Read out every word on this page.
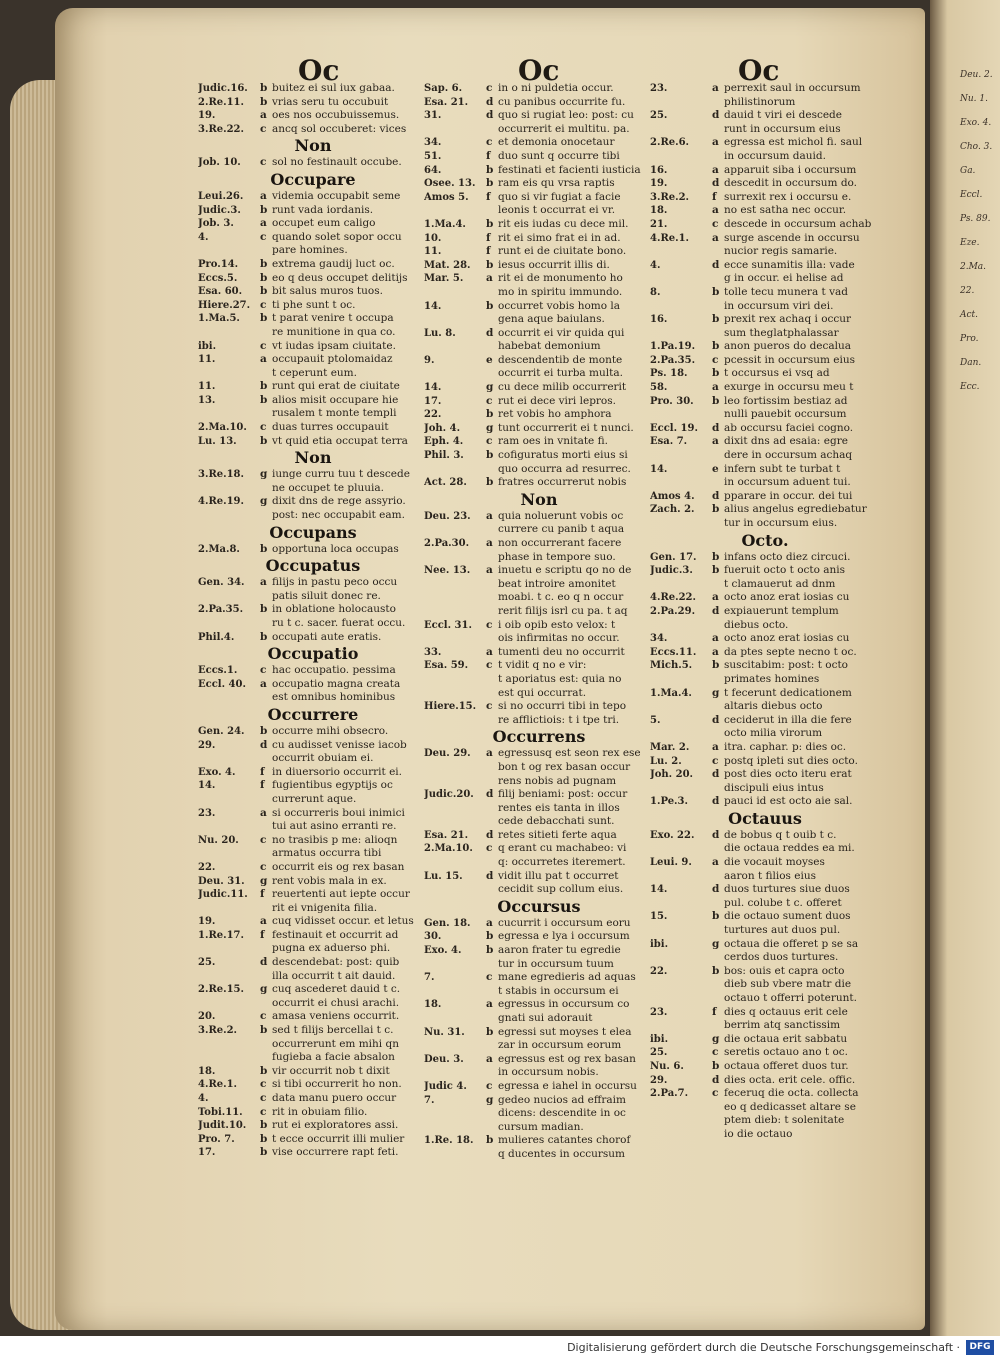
Oc	Oc	Oc
Judic.16.	b buitez ei sul iux gabaa.
2.Re.11.	b vrias seru tu occubuit
19.	a oes nos occubuissemus.
3.Re.22.	c ancq sol occuberet: vices
Non
Job. 10.	c sol no festinault occube.
Occupare
Leui.26.	a videmia occupabit seme
Judic.3.	b runt vada iordanis.
Job. 3.	a occupet eum caligo
4.	c quando solet sopor occu
pare homines.
Pro.14.	b extrema gaudij luct oc.
Eccs.5.	b eo q deus occupet delitijs
Esa. 60.	b bit salus muros tuos.
Hiere.27. c ti phe sunt t oc.
1.Ma.5.	b t parat venire t occupa
re munitione in qua co.
ibi.	c vt iudas ipsam ciuitate.
11.	a occupauit ptolomaidaz
t ceperunt eum.
11.	b runt qui erat de ciuitate
13.	b alios misit occupare hie
rusalem t monte templi
2.Ma.10.	c duas turres occupauit
Lu. 13.	b vt quid etia occupat terra
Non
3.Re.18.	g iunge curru tuu t descede
ne occupet te pluuia.
4.Re.19.	g dixit dns de rege assyrio.
post: nec occupabit eam.
Occupans
2.Ma.8.	b opportuna loca occupas
Occupatus
Gen. 34.	a filijs in pastu peco occu
patis siluit donec re.
2.Pa.35.	b in oblatione holocausto
ru t c. sacer. fuerat occu.
Phil.4.	b occupati aute eratis.
Occupatio
Eccs.1.	c hac occupatio. pessima
Eccl. 40.	a occupatio magna creata
est omnibus hominibus
Occurrere
Gen. 24.	b occurre mihi obsecro.
29.	d cu audisset venisse iacob
occurrit obuiam ei.
Exo. 4.	f in diuersorio occurrit ei.
14.	f fugientibus egyptijs oc
currerunt aque.
23.	a si occurreris boui inimici
tui aut asino erranti re.
Nu. 20.	c no trasibis p me: alioqn
armatus occurra tibi
22.	c occurrit eis og rex basan
Deu. 31.	g rent vobis mala in ex.
Judic.11.	f reuertenti aut iepte occur
rit ei vnigenita filia.
19.	a cuq vidisset occur. et letus
1.Re.17.	f festinauit et occurrit ad
pugna ex aduerso phi.
25.	d descendebat: post: quib
illa occurrit t ait dauid.
2.Re.15.	g cuq ascederet dauid t c.
occurrit ei chusi arachi.
20.	c amasa veniens occurrit.
3.Re.2.	b sed t filijs bercellai t c.
occurrerunt em mihi qn
fugieba a facie absalon
18.	b vir occurrit nob t dixit
4.Re.1.	c si tibi occurrerit ho non.
4.	c data manu puero occur
Tobi.11.	c rit in obuiam filio.
Judit.10.	b rut ei exploratores assi.
Pro. 7.	b t ecce occurrit illi mulier
17.	b vise occurrere rapt feti.
Sap. 6.	c in o ni puldetia occur.
Esa. 21.	d cu panibus occurrite fu.
31.	d quo si rugiat leo: post: cu
occurrerit ei multitu. pa.
34.	c et demonia onocetaur
51.	f duo sunt q occurre tibi
64.	b festinati et facienti iusticia
Osee. 13.	b ram eis qu vrsa raptis
Amos 5.	f quo si vir fugiat a facie
leonis t occurrat ei vr.
1.Ma.4.	b rit eis iudas cu dece mil.
10.	f rit ei simo frat ei in ad.
11.	f runt ei de ciuitate bono.
Mat. 28.	b iesus occurrit illis di.
Mar. 5.	a rit ei de monumento ho
mo in spiritu immundo.
14.	b occurret vobis homo la
gena aque baiulans.
Lu. 8.	d occurrit ei vir quida qui
habebat demonium
9.	e descendentib de monte
occurrit ei turba multa.
14.	g cu dece milib occurrerit
17.	c rut ei dece viri lepros.
22.	b ret vobis ho amphora
Joh. 4.	g tunt occurrerit ei t nunci.
Eph. 4.	c ram oes in vnitate fi.
Phil. 3.	b cofiguratus morti eius si
quo occurra ad resurrec.
Act. 28.	b fratres occurrerut nobis
Non
Deu. 23.	a quia noluerunt vobis oc
currere cu panib t aqua
2.Pa.30.	a non occurrerant facere
phase in tempore suo.
Nee. 13.	a inuetu e scriptu qo no de
beat introire amonitet
moabi. t c. eo q n occur
rerit filijs isrl cu pa. t aq
Eccl. 31.	c i oib opib esto velox: t
ois infirmitas no occur.
33.	a tumenti deu no occurrit
Esa. 59.	c t vidit q no e vir:
t aporiatus est: quia no
est qui occurrat.
Hiere.15. c si no occurri tibi in tepo
re afflictiois: t i tpe tri.
Occurrens
Deu. 29.	a egressusq est seon rex ese
bon t og rex basan occur
rens nobis ad pugnam
Judic.20.	d filij beniami: post: occur
rentes eis tanta in illos
cede debacchati sunt.
Esa. 21.	d retes sitieti ferte aqua
2.Ma.10.	c q erant cu machabeo: vi
q: occurretes iteremert.
Lu. 15.	d vidit illu pat t occurret
cecidit sup collum eius.
Occursus
Gen. 18.	a cucurrit i occursum eoru
30.	b egressa e lya i occursum
Exo. 4.	b aaron frater tu egredie
tur in occursum tuum
7.	c mane egredieris ad aquas
t stabis in occursum ei
18.	a egressus in occursum co
gnati sui adorauit
Nu. 31.	b egressi sut moyses t elea
zar in occursum eorum
Deu. 3.	a egressus est og rex basan
in occursum nobis.
Judic 4.	c egressa e iahel in occursu
7.	g gedeo nucios ad effraim
dicens: descendite in oc
cursum madian.
1.Re. 18.	b mulieres catantes chorof
q ducentes in occursum
23.	a perrexit saul in occursum
philistinorum
25.	d dauid t viri ei descede
runt in occursum eius
2.Re.6.	a egressa est michol fi. saul
in occursum dauid.
16.	a apparuit siba i occursum
19.	d descedit in occursum do.
3.Re.2.	f surrexit rex i occursu e.
18.	a no est satha nec occur.
21.	c descede in occursum achab
4.Re.1.	a surge ascende in occursu
nucior regis samarie.
4.	d ecce sunamitis illa: vade
g in occur. ei helise ad
8.	b tolle tecu munera t vad
in occursum viri dei.
16.	b prexit rex achaq i occur
sum theglatphalassar
1.Pa.19.	b anon pueros do decalua
2.Pa.35.	c pcessit in occursum eius
Ps. 18.	b t occursus ei vsq ad
58.	a exurge in occursu meu t
Pro. 30.	b leo fortissim bestiaz ad
nulli pauebit occursum
Eccl. 19.	d ab occursu faciei cogno.
Esa. 7.	a dixit dns ad esaia: egre
dere in occursum achaq
14.	e infern subt te turbat t
in occursum aduent tui.
Amos 4.	d pparare in occur. dei tui
Zach. 2.	b alius angelus egrediebatur
tur in occursum eius.
Octo.
Gen. 17.	b infans octo diez circuci.
Judic.3.	b fueruit octo t octo anis
t clamauerut ad dnm
4.Re.22.	a octo anoz erat iosias cu
2.Pa.29.	d expiauerunt templum
diebus octo.
34.	a octo anoz erat iosias cu
Eccs.11.	a da ptes septe necno t oc.
Mich.5.	b suscitabim: post: t octo
primates homines
1.Ma.4.	g t fecerunt dedicationem
altaris diebus octo
5.	d ceciderut in illa die fere
octo milia virorum
Mar. 2.	a itra. caphar. p: dies oc.
Lu. 2.	c postq ipleti sut dies octo.
Joh. 20.	d post dies octo iteru erat
discipuli eius intus
1.Pe.3.	d pauci id est octo aie sal.
Octauus
Exo. 22.	d de bobus q t ouib t c.
die octaua reddes ea mi.
Leui. 9.	a die vocauit moyses
aaron t filios eius
14.	d duos turtures siue duos
pul. colube t c. offeret
15.	b die octauo sument duos
turtures aut duos pul.
ibi.	g octaua die offeret p se sa
cerdos duos turtures.
22.	b bos: ouis et capra octo
dieb sub vbere matr die
octauo t offerri poterunt.
23.	f dies q octauus erit cele
berrim atq sanctissim
ibi.	g die octaua erit sabbatu
25.	c seretis octauo ano t oc.
Nu. 6.	b octaua offeret duos tur.
29.	d dies octa. erit cele. offic.
2.Pa.7.	c feceruq die octa. collecta
eo q dedicasset altare se
ptem dieb: t solenitate
io die octauo
Deu. 2.
Nu. 1.
Exo. 4.
Cho. 3.
Ga.
Eccl.
Ps. 89.
Eze.
2.Ma.
22.
Act.
Pro.
Dan.
Ecc.
Digitalisierung gefördert durch die Deutsche Forschungsgemeinschaft ·	DFG
